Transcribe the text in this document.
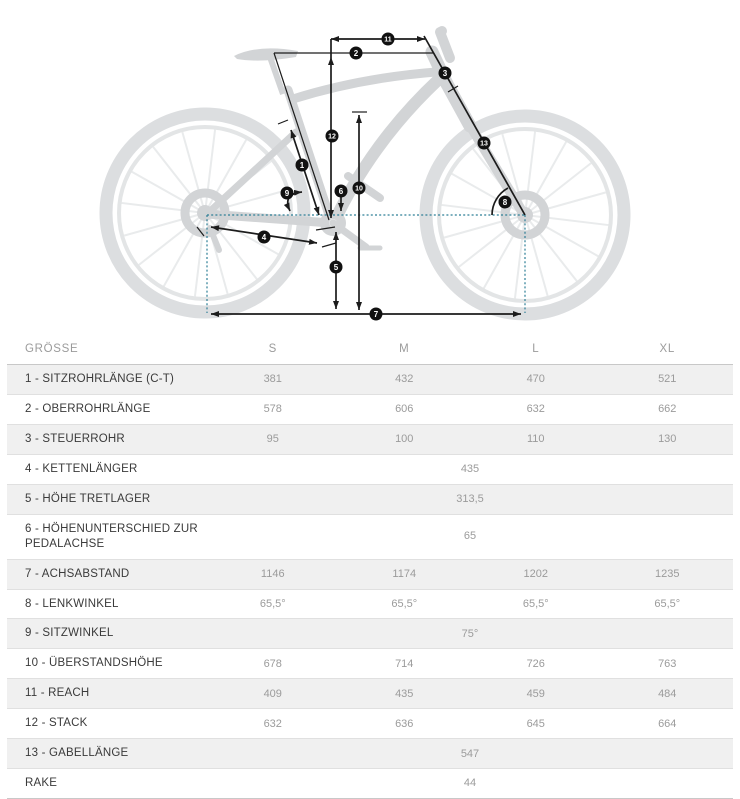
1
2
3
4
5
6
7
8
9	10
11
12
13
GRÖSSE	S	M	L	XL
1 - SITZROHRLÄNGE (C-T)	381	432	470	521
2 - OBERROHRLÄNGE	578	606	632	662
3 - STEUERROHR	95	100	110	130
4 - KETTENLÄNGER	435			
5 - HÖHE TRETLAGER	313,5			
6 - HÖHENUNTERSCHIED ZUR PEDALACHSE	65			
7 - ACHSABSTAND	1146	1174	1202	1235
8 - LENKWINKEL	65,5°	65,5°	65,5°	65,5°
9 - SITZWINKEL	75°			
10 - ÜBERSTANDSHÖHE	678	714	726	763
11 - REACH	409	435	459	484
12 - STACK	632	636	645	664
13 - GABELLÄNGE	547			
RAKE	44			
